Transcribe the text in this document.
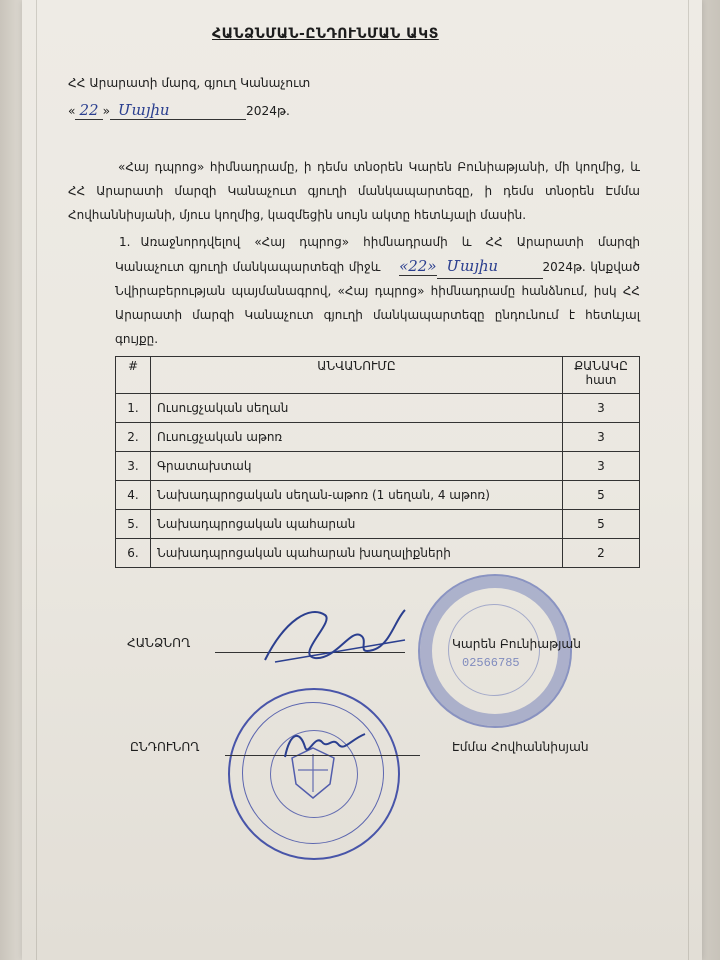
ՀԱՆՁՆՄԱՆ-ԸՆԴՈՒՆՄԱՆ ԱԿՏ
ՀՀ Արարատի մարզ, գյուղ Կանաչուտ
« 22 » Մայիս	2024թ.
«Հայ դպրոց» հիմնադրամը, ի դեմս տնօրեն Կարեն Բունիաթյանի, մի կողմից, և ՀՀ Արարատի մարզի Կանաչուտ գյուղի մանկապարտեզը, ի դեմս տնօրեն Էմմա Հովհաննիսյանի, մյուս կողմից, կազմեցին սույն ակտը հետևյալի մասին.
1. Առաջնորդվելով «Հայ դպրոց» հիմնադրամի և ՀՀ Արարատի մարզի Կանաչուտ գյուղի մանկապարտեզի միջև «22» Մայիս	2024թ. կնքված Նվիրաբերության պայմանագրով, «Հայ դպրոց» հիմնադրամը հանձնում, իսկ ՀՀ Արարատի մարզի Կանաչուտ գյուղի մանկապարտեզը ընդունում է հետևյալ գույքը.
#	ԱՆՎԱՆՈՒՄԸ	ՔԱՆԱԿԸ
հատ

1.	Ուսուցչական սեղան	3
2.	Ուսուցչական աթոռ	3
3.	Գրատախտակ	3
4.	Նախադպրոցական սեղան-աթոռ (1 սեղան, 4 աթոռ)	5
5.	Նախադպրոցական պահարան	5
6.	Նախադպրոցական պահարան խաղալիքների	2
02566785
ՀԱՆՁՆՈՂ	Կարեն Բունիաթյան
ԸՆԴՈՒՆՈՂ	Էմմա Հովհաննիսյան
